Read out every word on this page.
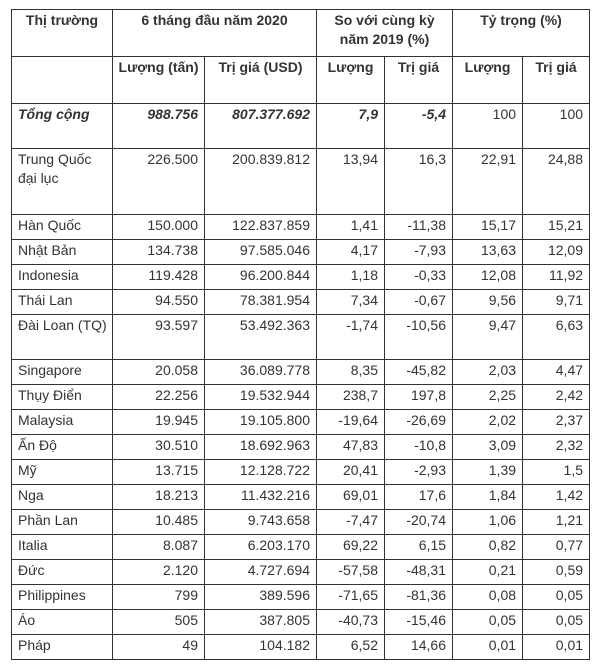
Thị trường	6 tháng đầu năm 2020		So với cùng kỳ năm 2019 (%)		Tỷ trọng (%)	
	Lượng (tấn)	Trị giá (USD)	Lượng	Trị giá	Lượng	Trị giá
Tổng cộng	988.756	807.377.692	7,9	-5,4	100	100
Trung Quốc đại lục	226.500	200.839.812	13,94	16,3	22,91	24,88
Hàn Quốc	150.000	122.837.859	1,41	-11,38	15,17	15,21
Nhật Bản	134.738	97.585.046	4,17	-7,93	13,63	12,09
Indonesia	119.428	96.200.844	1,18	-0,33	12,08	11,92
Thái Lan	94.550	78.381.954	7,34	-0,67	9,56	9,71
Đài Loan (TQ)	93.597	53.492.363	-1,74	-10,56	9,47	6,63
Singapore	20.058	36.089.778	8,35	-45,82	2,03	4,47
Thụy Điển	22.256	19.532.944	238,7	197,8	2,25	2,42
Malaysia	19.945	19.105.800	-19,64	-26,69	2,02	2,37
Ấn Độ	30.510	18.692.963	47,83	-10,8	3,09	2,32
Mỹ	13.715	12.128.722	20,41	-2,93	1,39	1,5
Nga	18.213	11.432.216	69,01	17,6	1,84	1,42
Phần Lan	10.485	9.743.658	-7,47	-20,74	1,06	1,21
Italia	8.087	6.203.170	69,22	6,15	0,82	0,77
Đức	2.120	4.727.694	-57,58	-48,31	0,21	0,59
Philippines	799	389.596	-71,65	-81,36	0,08	0,05
Áo	505	387.805	-40,73	-15,46	0,05	0,05
Pháp	49	104.182	6,52	14,66	0,01	0,01
